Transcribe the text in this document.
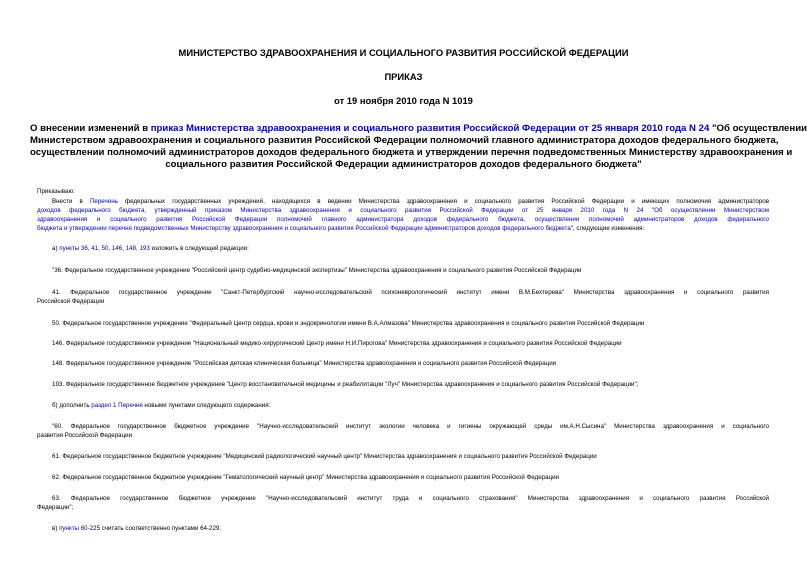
МИНИСТЕРСТВО ЗДРАВООХРАНЕНИЯ И СОЦИАЛЬНОГО РАЗВИТИЯ РОССИЙСКОЙ ФЕДЕРАЦИИ

ПРИКАЗ

от 19 ноября 2010 года N 1019

О внесении изменений в приказ Министерства здравоохранения и социального развития Российской Федерации от 25 января 2010 года N 24 "Об осуществлении
Министерством здравоохранения и социального развития Российской Федерации полномочий главного администратора доходов федерального бюджета,
осуществлении полномочий администраторов доходов федерального бюджета и утверждении перечня подведомственных Министерству здравоохранения и
социального развития Российской Федерации администраторов доходов федерального бюджета"

Приказываю:

Внести в Перечень федеральных государственных учреждений, находящихся в ведении Министерства здравоохранения и социального развития Российской Федерации и имеющих полномочия администраторов
доходов федерального бюджета, утвержденный приказом Министерства здравоохранения и социального развития Российской Федерации от 25 января 2010 года N 24 "Об осуществлении Министерством
здравоохранения и социального развития Российской Федерации полномочий главного администратора доходов федерального бюджета, осуществлении полномочий администраторов доходов федерального
бюджета и утверждении перечня подведомственных Министерству здравоохранения и социального развития Российской Федерации администраторов доходов федерального бюджета", следующие изменения:

а) пункты 36, 41, 50, 146, 148, 193 изложить в следующей редакции:

"36. Федеральное государственное учреждение "Российский центр судебно-медицинской экспертизы" Министерства здравоохранения и социального развития Российской Федерации

41. Федеральное государственное учреждение "Санкт-Петербургский научно-исследовательский психоневрологический институт имени В.М.Бехтерева" Министерства здравоохранения и социального развития
Российской Федерации

50. Федеральное государственное учреждение "Федеральный Центр сердца, крови и эндокринологии имени В.А.Алмазова" Министерства здравоохранения и социального развития Российской Федерации

146. Федеральное государственное учреждение "Национальный медико-хирургический Центр имени Н.И.Пирогова" Министерства здравоохранения и социального развития Российской Федерации

148. Федеральное государственное учреждение "Российская детская клиническая больница" Министерства здравоохранения и социального развития Российской Федерации

193. Федеральное государственное бюджетное учреждение "Центр восстановительной медицины и реабилитации "Луч" Министерства здравоохранения и социального развития Российской Федерации";

б) дополнить раздел 1 Перечня новыми пунктами следующего содержания:

"60. Федеральное государственное бюджетное учреждение "Научно-исследовательский институт экологии человека и гигиены окружающей среды им.А.Н.Сысина" Министерства здравоохранения и социального
развития Российской Федерации

61. Федеральное государственное бюджетное учреждение "Медицинский радиологический научный центр" Министерства здравоохранения и социального развития Российской Федерации

62. Федеральное государственное бюджетное учреждение "Гематологический научный центр" Министерства здравоохранения и социального развития Российской Федерации

63. Федеральное государственное бюджетное учреждение "Научно-исследовательский институт труда и социального страхования" Министерства здравоохранения и социального развития Российской
Федерации";

в) пункты 60-225 считать соответственно пунктами 64-229.
